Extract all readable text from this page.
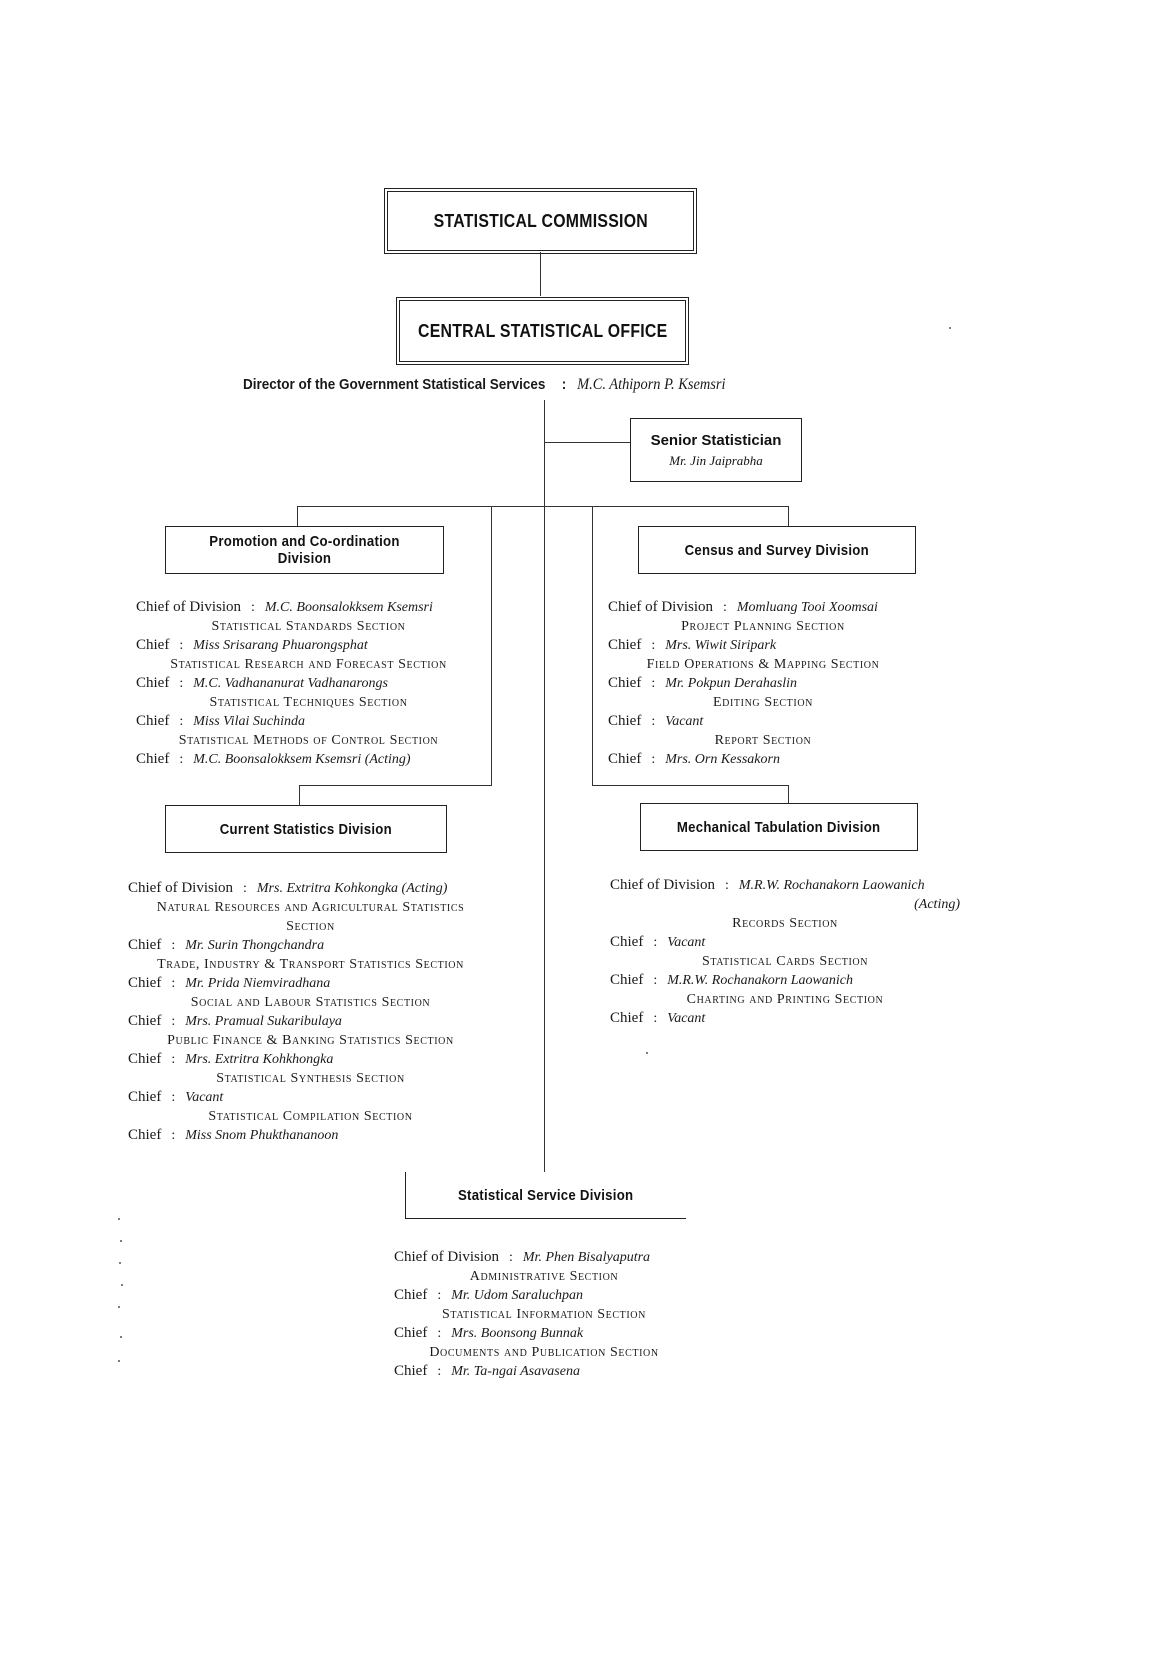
STATISTICAL COMMISSION
CENTRAL STATISTICAL OFFICE
Director of the Government Statistical Services : M.C. Athiporn P. Ksemsri
Senior Statistician
Mr. Jin Jaiprabha
Promotion and Co-ordination Division	Census and Survey Division
Current Statistics Division	Mechanical Tabulation Division
Statistical Service Division
Chief of Division : M.C. Boonsalokksem Ksemsri
Statistical Standards Section
Chief : Miss Srisarang Phuarongsphat
Statistical Research and Forecast Section
Chief : M.C. Vadhananurat Vadhanarongs
Statistical Techniques Section
Chief : Miss Vilai Suchinda
Statistical Methods of Control Section
Chief : M.C. Boonsalokksem Ksemsri (Acting)
Chief of Division : Momluang Tooi Xoomsai
Project Planning Section
Chief : Mrs. Wiwit Siripark
Field Operations & Mapping Section
Chief : Mr. Pokpun Derahaslin
Editing Section
Chief : Vacant
Report Section
Chief : Mrs. Orn Kessakorn
Chief of Division : Mrs. Extritra Kohkongka (Acting)
Natural Resources and Agricultural Statistics
Section
Chief : Mr. Surin Thongchandra
Trade, Industry & Transport Statistics Section
Chief : Mr. Prida Niemviradhana
Social and Labour Statistics Section
Chief : Mrs. Pramual Sukaribulaya
Public Finance & Banking Statistics Section
Chief : Mrs. Extritra Kohkhongka
Statistical Synthesis Section
Chief : Vacant
Statistical Compilation Section
Chief : Miss Snom Phukthananoon
Chief of Division : M.R.W. Rochanakorn Laowanich
(Acting)
Records Section
Chief : Vacant
Statistical Cards Section
Chief : M.R.W. Rochanakorn Laowanich
Charting and Printing Section
Chief : Vacant
Chief of Division : Mr. Phen Bisalyaputra
Administrative Section
Chief : Mr. Udom Saraluchpan
Statistical Information Section
Chief : Mrs. Boonsong Bunnak
Documents and Publication Section
Chief : Mr. Ta-ngai Asavasena
